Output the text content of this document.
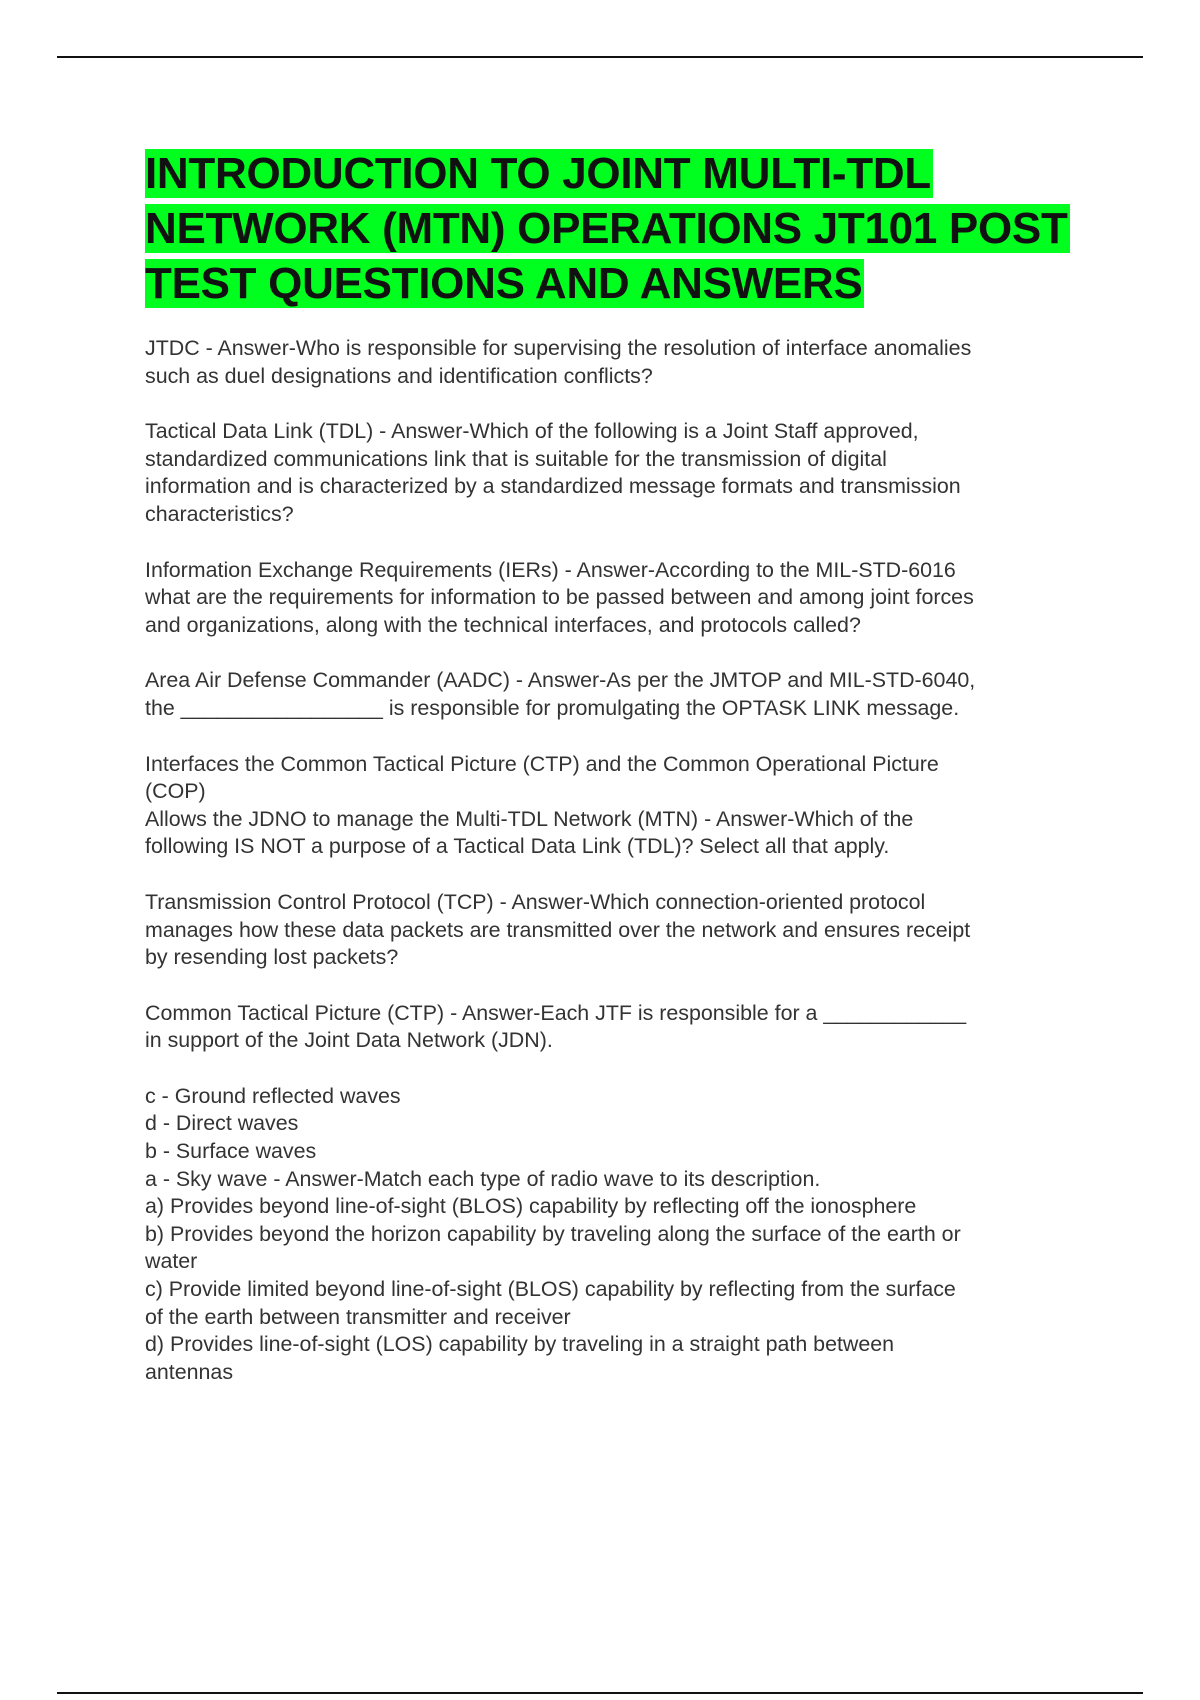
INTRODUCTION TO JOINT MULTI-TDL NETWORK (MTN) OPERATIONS JT101 POST TEST QUESTIONS AND ANSWERS
JTDC - Answer-Who is responsible for supervising the resolution of interface anomalies
such as duel designations and identification conflicts?
Tactical Data Link (TDL) - Answer-Which of the following is a Joint Staff approved,
standardized communications link that is suitable for the transmission of digital
information and is characterized by a standardized message formats and transmission
characteristics?
Information Exchange Requirements (IERs) - Answer-According to the MIL-STD-6016
what are the requirements for information to be passed between and among joint forces
and organizations, along with the technical interfaces, and protocols called?
Area Air Defense Commander (AADC) - Answer-As per the JMTOP and MIL-STD-6040,
the _________________ is responsible for promulgating the OPTASK LINK message.
Interfaces the Common Tactical Picture (CTP) and the Common Operational Picture
(COP)
Allows the JDNO to manage the Multi-TDL Network (MTN) - Answer-Which of the
following IS NOT a purpose of a Tactical Data Link (TDL)? Select all that apply.
Transmission Control Protocol (TCP) - Answer-Which connection-oriented protocol
manages how these data packets are transmitted over the network and ensures receipt
by resending lost packets?
Common Tactical Picture (CTP) - Answer-Each JTF is responsible for a ____________
in support of the Joint Data Network (JDN).
c - Ground reflected waves
d - Direct waves
b - Surface waves
a - Sky wave - Answer-Match each type of radio wave to its description.
a) Provides beyond line-of-sight (BLOS) capability by reflecting off the ionosphere
b) Provides beyond the horizon capability by traveling along the surface of the earth or
water
c) Provide limited beyond line-of-sight (BLOS) capability by reflecting from the surface
of the earth between transmitter and receiver
d) Provides line-of-sight (LOS) capability by traveling in a straight path between
antennas
